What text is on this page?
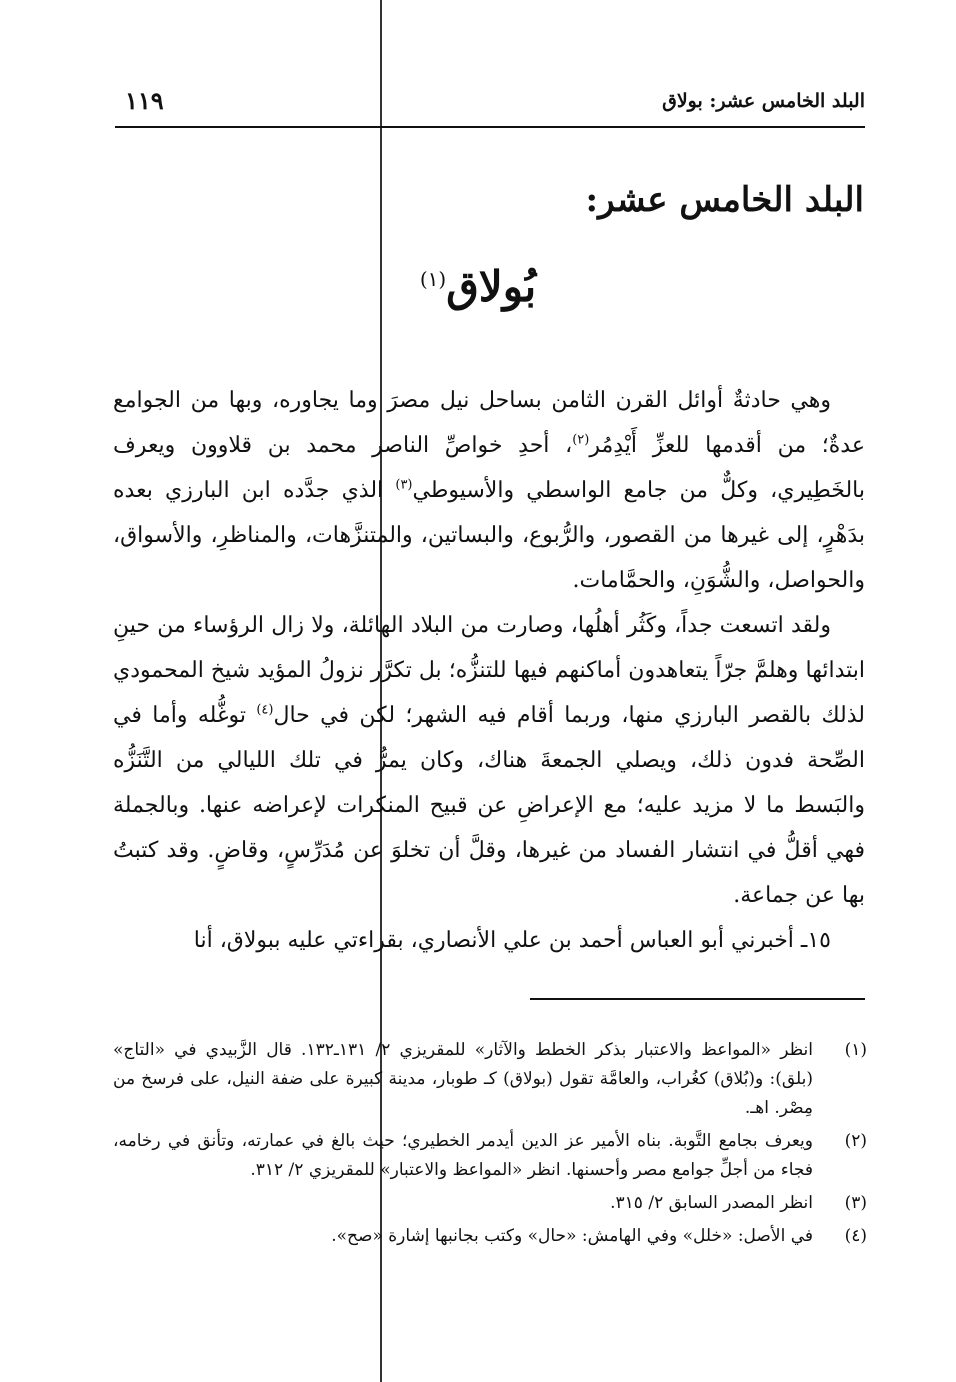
البلد الخامس عشر: بولاق
١١٩
البلد الخامس عشر:
بُولاق$^{(١)}$

وهي حادثةٌ أوائل القرن الثامن بساحل نيل مصرَ وما يجاوره، وبها من الجوامع عدةٌ؛ من أقدمها للعزِّ أَيْدِمُر$^{(٢)}$، أحدِ خواصِّ الناصر محمد بن قلاوون ويعرف بالخَطِيري، وكلٌّ من جامع الواسطي والأسيوطي$^{(٣)}$ الذي جدَّده ابن البارزي بعده بدَهْرٍ، إلى غيرها من القصور، والرُّبوع، والبساتين، والمتنزَّهات، والمناظرِ، والأسواق، والحواصل، والشُّوَنِ، والحمَّامات.

ولقد اتسعت جداً، وكَثُر أهلُها، وصارت من البلاد الهائلة، ولا زال الرؤساء من حينِ ابتدائها وهلمَّ جرّاً يتعاهدون أماكنهم فيها للتنزُّه؛ بل تكرَّر نزولُ المؤيد شيخ المحمودي لذلك بالقصر البارزي منها، وربما أقام فيه الشهر؛ لكن في حال$^{(٤)}$ توغُّله وأما في الصِّحة فدون ذلك، ويصلي الجمعةَ هناك، وكان يمرُّ في تلك الليالي من التَّنَزُّه والبَسط ما لا مزيد عليه؛ مع الإعراضِ عن قبيح المنكرات لإعراضه عنها. وبالجملة فهي أقلُّ في انتشار الفساد من غيرها، وقلَّ أن تخلوَ عن مُدَرِّسٍ، وقاضٍ. وقد كتبتُ بها عن جماعة.

١٥ـ أخبرني أبو العباس أحمد بن علي الأنصاري، بقراءتي عليه ببولاق، أنا

(١)
انظر «المواعظ والاعتبار بذكر الخطط والآثار» للمقريزي ٢/ ١٣١ـ١٣٢. قال الزَّبيدي في «التاج» (بلق): و(بُلاق) كغُراب، والعامَّة تقول (بولاق) كـ طوبار، مدينة كبيرة على ضفة النيل، على فرسخ من مِصْر. اهـ.
(٢)
ويعرف بجامع التَّوبة. بناه الأمير عز الدين أيدمر الخطيري؛ حيث بالغ في عمارته، وتأنق في رخامه، فجاء من أجلِّ جوامع مصر وأحسنها. انظر «المواعظ والاعتبار» للمقريزي ٢/ ٣١٢.
(٣)
انظر المصدر السابق ٢/ ٣١٥.
(٤)
في الأصل: «خلل» وفي الهامش: «حال» وكتب بجانبها إشارة «صح».
